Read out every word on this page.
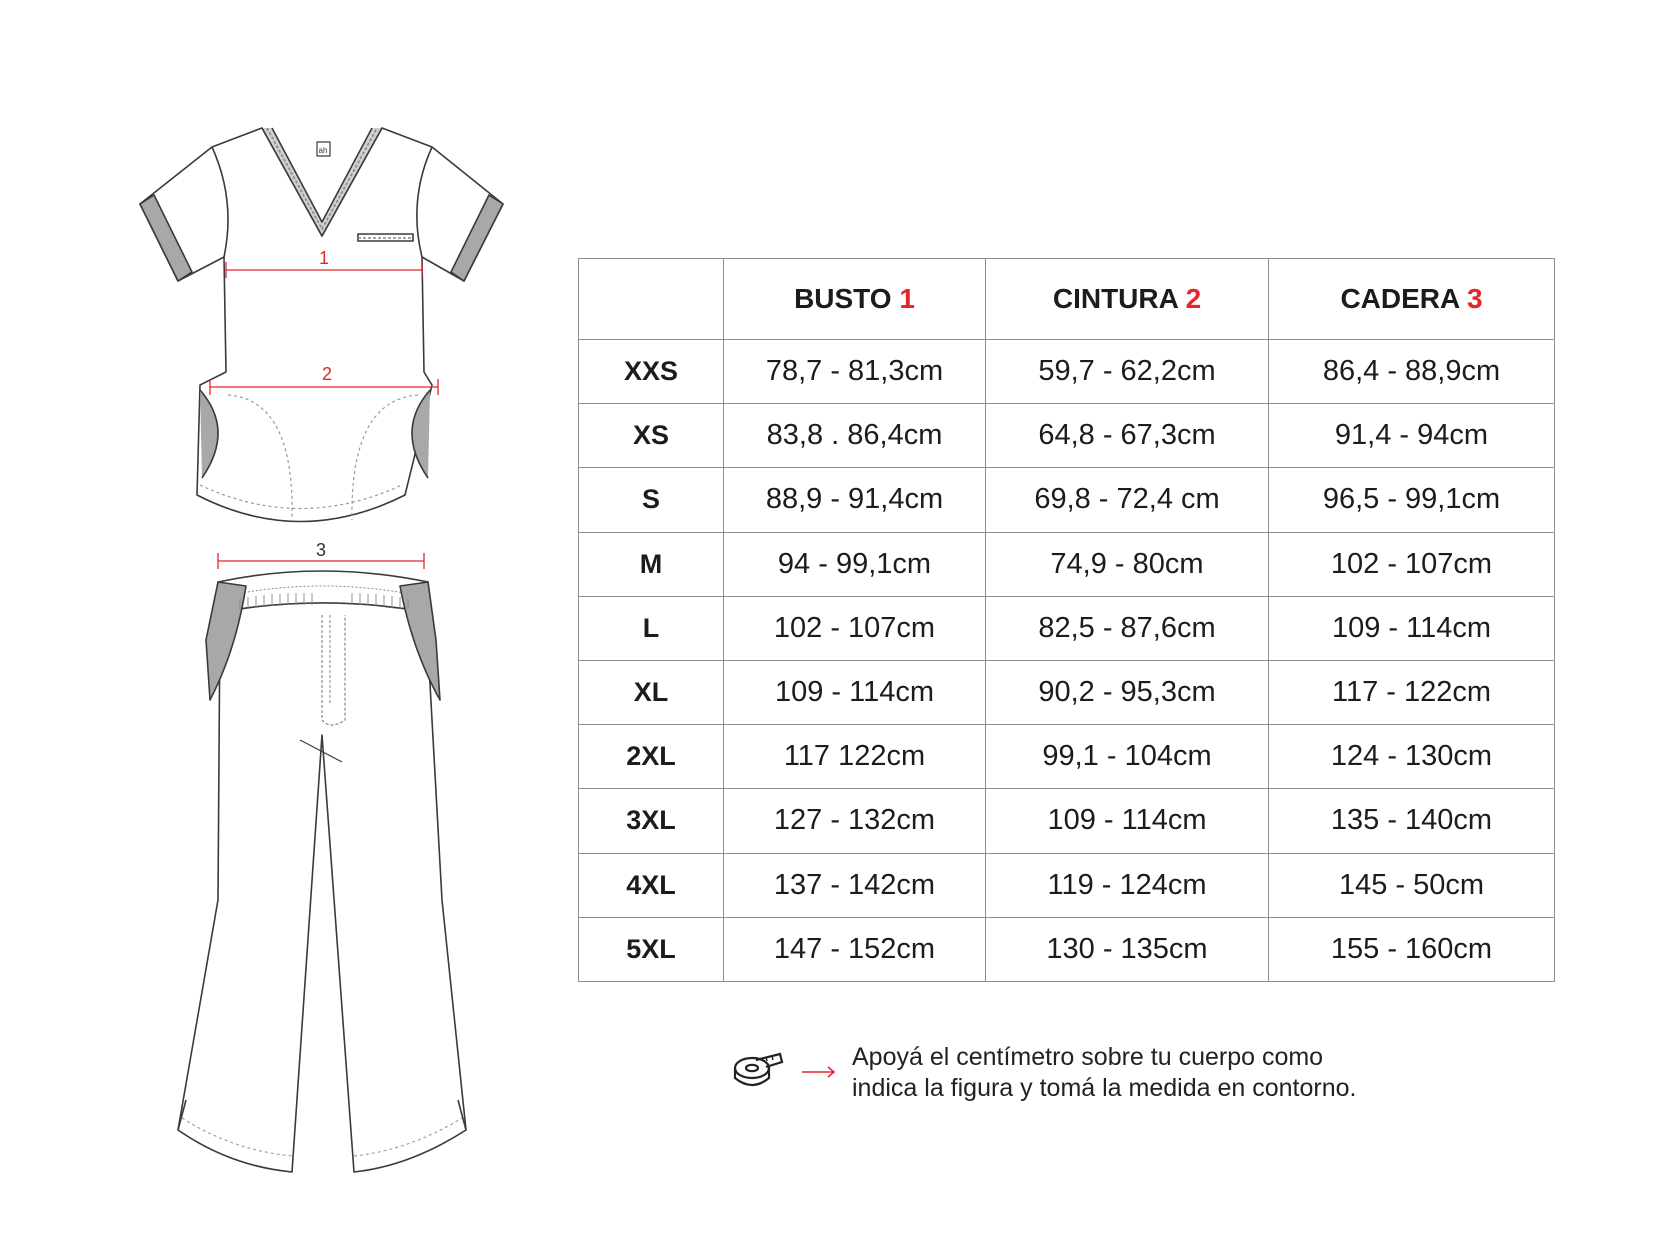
ah
1
2
3
	BUSTO 1	CINTURA 2	CADERA 3
XXS	78,7 - 81,3cm	59,7 - 62,2cm	86,4 - 88,9cm
XS	83,8 . 86,4cm	64,8 - 67,3cm	91,4 - 94cm
S	88,9 - 91,4cm	69,8 - 72,4 cm	96,5 - 99,1cm
M	94 - 99,1cm	74,9 - 80cm	102 - 107cm
L	102 - 107cm	82,5 - 87,6cm	109 - 114cm
XL	109 - 114cm	90,2 - 95,3cm	117 - 122cm
2XL	117 122cm	99,1 - 104cm	124 - 130cm
3XL	127 - 132cm	109 - 114cm	135 - 140cm
4XL	137 - 142cm	119 - 124cm	145 - 50cm
5XL	147 - 152cm	130 - 135cm	155 - 160cm
Apoyá el centímetro sobre tu cuerpo como
indica la figura y tomá la medida en contorno.
